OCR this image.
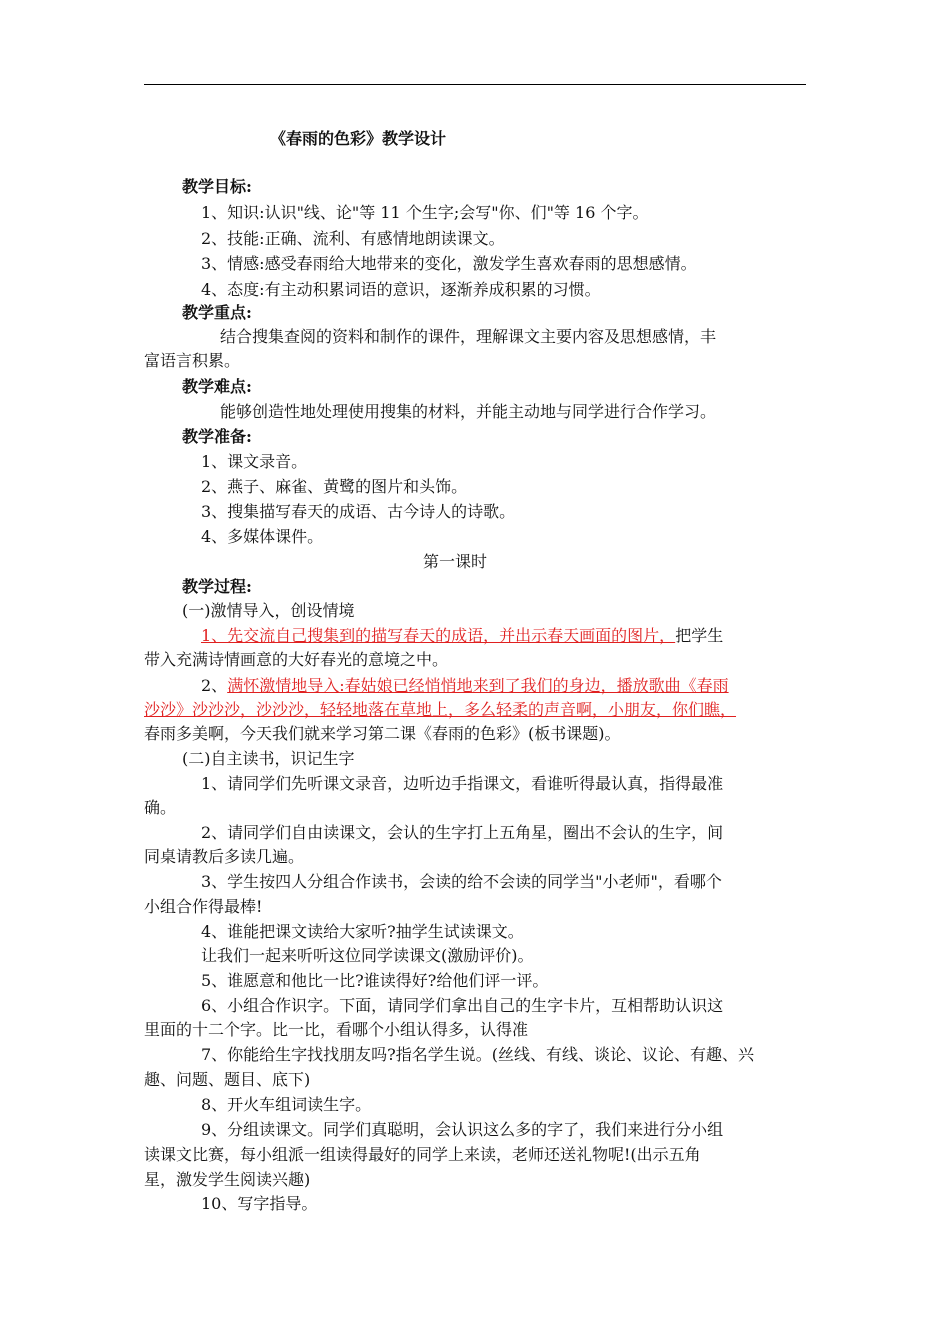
《春雨的色彩》教学设计
教学目标:
1、知识:认识"线、论"等 11 个生字;会写"你、们"等 16 个字。
2、技能:正确、流利、有感情地朗读课文。
3、情感:感受春雨给大地带来的变化，激发学生喜欢春雨的思想感情。
4、态度:有主动积累词语的意识，逐渐养成积累的习惯。
教学重点:
结合搜集查阅的资料和制作的课件，理解课文主要内容及思想感情，丰
富语言积累。
教学难点:
能够创造性地处理使用搜集的材料，并能主动地与同学进行合作学习。
教学准备:
1、课文录音。
2、燕子、麻雀、黄鹭的图片和头饰。
3、搜集描写春天的成语、古今诗人的诗歌。
4、多媒体课件。
第一课时
教学过程:
(一)激情导入，创设情境
1、先交流自己搜集到的描写春天的成语，并出示春天画面的图片，把学生
带入充满诗情画意的大好春光的意境之中。
2、满怀激情地导入:春姑娘已经悄悄地来到了我们的身边，播放歌曲《春雨
沙沙》沙沙沙，沙沙沙，轻轻地落在草地上，多么轻柔的声音啊，小朋友，你们瞧，
春雨多美啊，今天我们就来学习第二课《春雨的色彩》(板书课题)。
(二)自主读书，识记生字
1、请同学们先听课文录音，边听边手指课文，看谁听得最认真，指得最准
确。
2、请同学们自由读课文，会认的生字打上五角星，圈出不会认的生字，间
同桌请教后多读几遍。
3、学生按四人分组合作读书，会读的给不会读的同学当"小老师"，看哪个
小组合作得最棒!
4、谁能把课文读给大家听?抽学生试读课文。
让我们一起来听听这位同学读课文(激励评价)。
5、谁愿意和他比一比?谁读得好?给他们评一评。
6、小组合作识字。下面，请同学们拿出自己的生字卡片，互相帮助认识这
里面的十二个字。比一比，看哪个小组认得多，认得准
7、你能给生字找找朋友吗?指名学生说。(丝线、有线、谈论、议论、有趣、兴
趣、问题、题目、底下)
8、开火车组词读生字。
9、分组读课文。同学们真聪明，会认识这么多的字了，我们来进行分小组
读课文比赛，每小组派一组读得最好的同学上来读，老师还送礼物呢!(出示五角
星，激发学生阅读兴趣)
10、写字指导。
